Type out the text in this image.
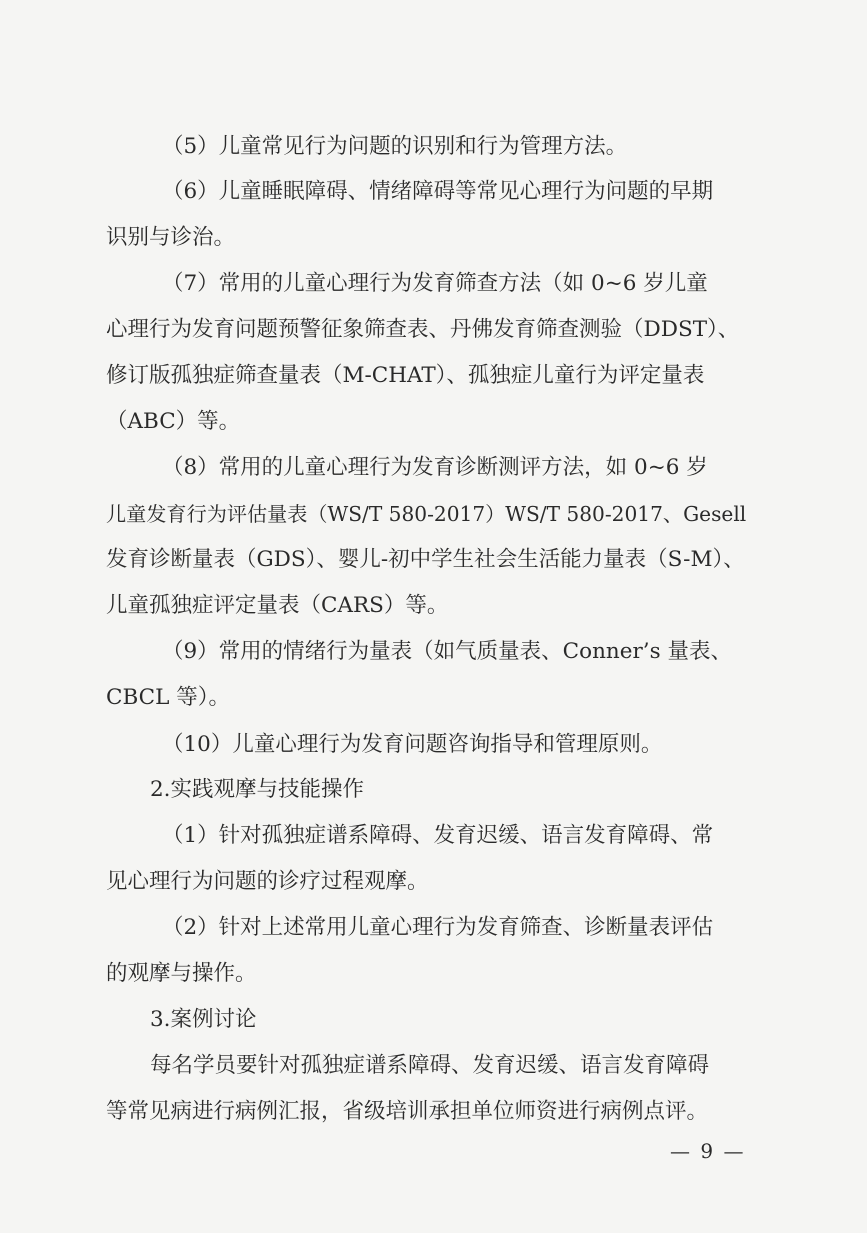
（5）儿童常见行为问题的识别和行为管理方法。
（6）儿童睡眠障碍、情绪障碍等常见心理行为问题的早期
识别与诊治。
（7）常用的儿童心理行为发育筛查方法（如 0~6 岁儿童
心理行为发育问题预警征象筛查表、丹佛发育筛查测验（DDST）、
修订版孤独症筛查量表（M-CHAT）、孤独症儿童行为评定量表
（ABC）等。
（8）常用的儿童心理行为发育诊断测评方法，如 0~6 岁
儿童发育行为评估量表（WS/T 580-2017）WS/T 580-2017、Gesell
发育诊断量表（GDS）、婴儿-初中学生社会生活能力量表（S-M）、
儿童孤独症评定量表（CARS）等。
（9）常用的情绪行为量表（如气质量表、Conner’s 量表、
CBCL 等）。
（10）儿童心理行为发育问题咨询指导和管理原则。
2.实践观摩与技能操作
（1）针对孤独症谱系障碍、发育迟缓、语言发育障碍、常
见心理行为问题的诊疗过程观摩。
（2）针对上述常用儿童心理行为发育筛查、诊断量表评估
的观摩与操作。
3.案例讨论
每名学员要针对孤独症谱系障碍、发育迟缓、语言发育障碍
等常见病进行病例汇报，省级培训承担单位师资进行病例点评。
— 9 —
